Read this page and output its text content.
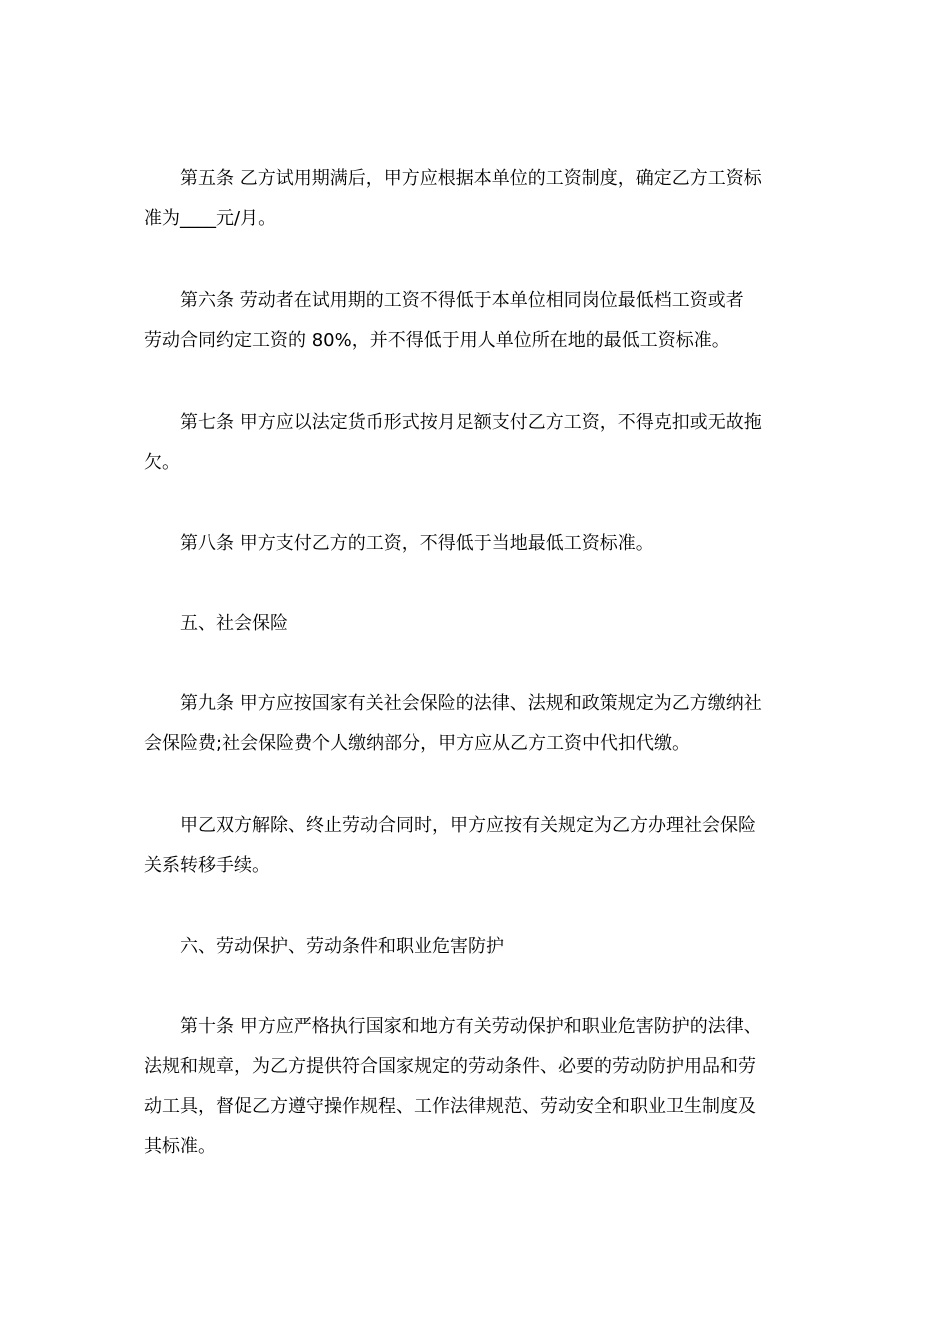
第五条 乙方试用期满后，甲方应根据本单位的工资制度，确定乙方工资标
准为____元/月。
第六条 劳动者在试用期的工资不得低于本单位相同岗位最低档工资或者
劳动合同约定工资的 80%，并不得低于用人单位所在地的最低工资标准。
第七条 甲方应以法定货币形式按月足额支付乙方工资，不得克扣或无故拖
欠。
第八条 甲方支付乙方的工资，不得低于当地最低工资标准。
五、社会保险
第九条 甲方应按国家有关社会保险的法律、法规和政策规定为乙方缴纳社
会保险费;社会保险费个人缴纳部分，甲方应从乙方工资中代扣代缴。
甲乙双方解除、终止劳动合同时，甲方应按有关规定为乙方办理社会保险
关系转移手续。
六、劳动保护、劳动条件和职业危害防护
第十条 甲方应严格执行国家和地方有关劳动保护和职业危害防护的法律、
法规和规章，为乙方提供符合国家规定的劳动条件、必要的劳动防护用品和劳
动工具，督促乙方遵守操作规程、工作法律规范、劳动安全和职业卫生制度及
其标准。
